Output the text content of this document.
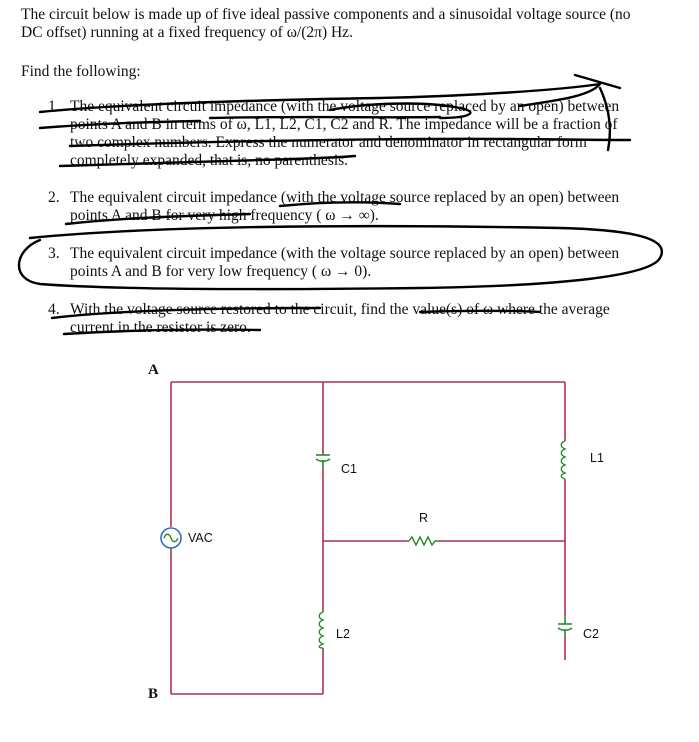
The circuit below is made up of five ideal passive components and a sinusoidal voltage source (no
DC offset) running at a fixed frequency of ω/(2π) Hz.
Find the following:
1. The equivalent circuit impedance (with the voltage source replaced by an open) between
points A and B in terms of ω, L1, L2, C1, C2 and R. The impedance will be a fraction of
two complex numbers. Express the numerator and denominator in rectangular form
completely expanded, that is, no parenthesis.
2. The equivalent circuit impedance (with the voltage source replaced by an open) between
points A and B for very high frequency ( ω → ∞).
3. The equivalent circuit impedance (with the voltage source replaced by an open) between
points A and B for very low frequency ( ω → 0).
4. With the voltage source restored to the circuit, find the value(s) of ω where the average
current in the resistor is zero.
A
B
VAC
C1
C2
L1
L2
R
